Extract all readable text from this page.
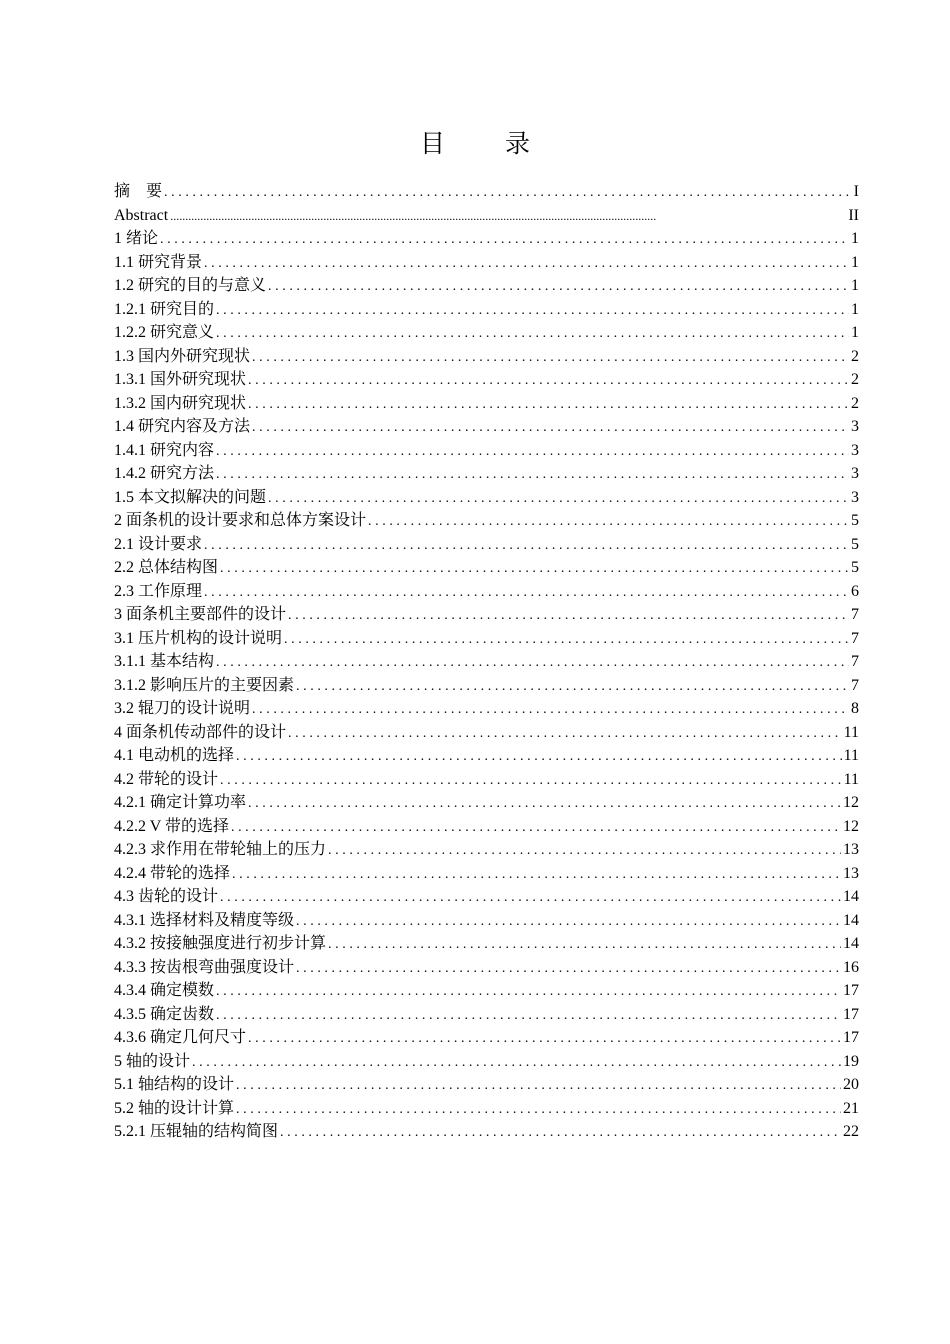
目 录
摘　要 .....	I
Abstract .....	II
1 绪论 .....	1
1.1 研究背景 .....	1
1.2 研究的目的与意义 .....	1
1.2.1 研究目的 .....	1
1.2.2 研究意义 .....	1
1.3 国内外研究现状 .....	2
1.3.1 国外研究现状 .....	2
1.3.2 国内研究现状 .....	2
1.4 研究内容及方法 .....	3
1.4.1 研究内容 .....	3
1.4.2 研究方法 .....	3
1.5 本文拟解决的问题 .....	3
2 面条机的设计要求和总体方案设计 .....	5
2.1 设计要求 .....	5
2.2 总体结构图 .....	5
2.3 工作原理 .....	6
3 面条机主要部件的设计 .....	7
3.1 压片机构的设计说明 .....	7
3.1.1 基本结构 .....	7
3.1.2 影响压片的主要因素 .....	7
3.2 辊刀的设计说明 .....	8
4 面条机传动部件的设计 .....	11
4.1 电动机的选择 .....	11
4.2 带轮的设计 .....	11
4.2.1 确定计算功率 .....	12
4.2.2 V 带的选择 .....	12
4.2.3 求作用在带轮轴上的压力 .....	13
4.2.4 带轮的选择 .....	13
4.3 齿轮的设计 .....	14
4.3.1 选择材料及精度等级 .....	14
4.3.2 按接触强度进行初步计算 .....	14
4.3.3 按齿根弯曲强度设计 .....	16
4.3.4 确定模数 .....	17
4.3.5 确定齿数 .....	17
4.3.6 确定几何尺寸 .....	17
5 轴的设计 .....	19
5.1 轴结构的设计 .....	20
5.2 轴的设计计算 .....	21
5.2.1 压辊轴的结构简图 .....	22
